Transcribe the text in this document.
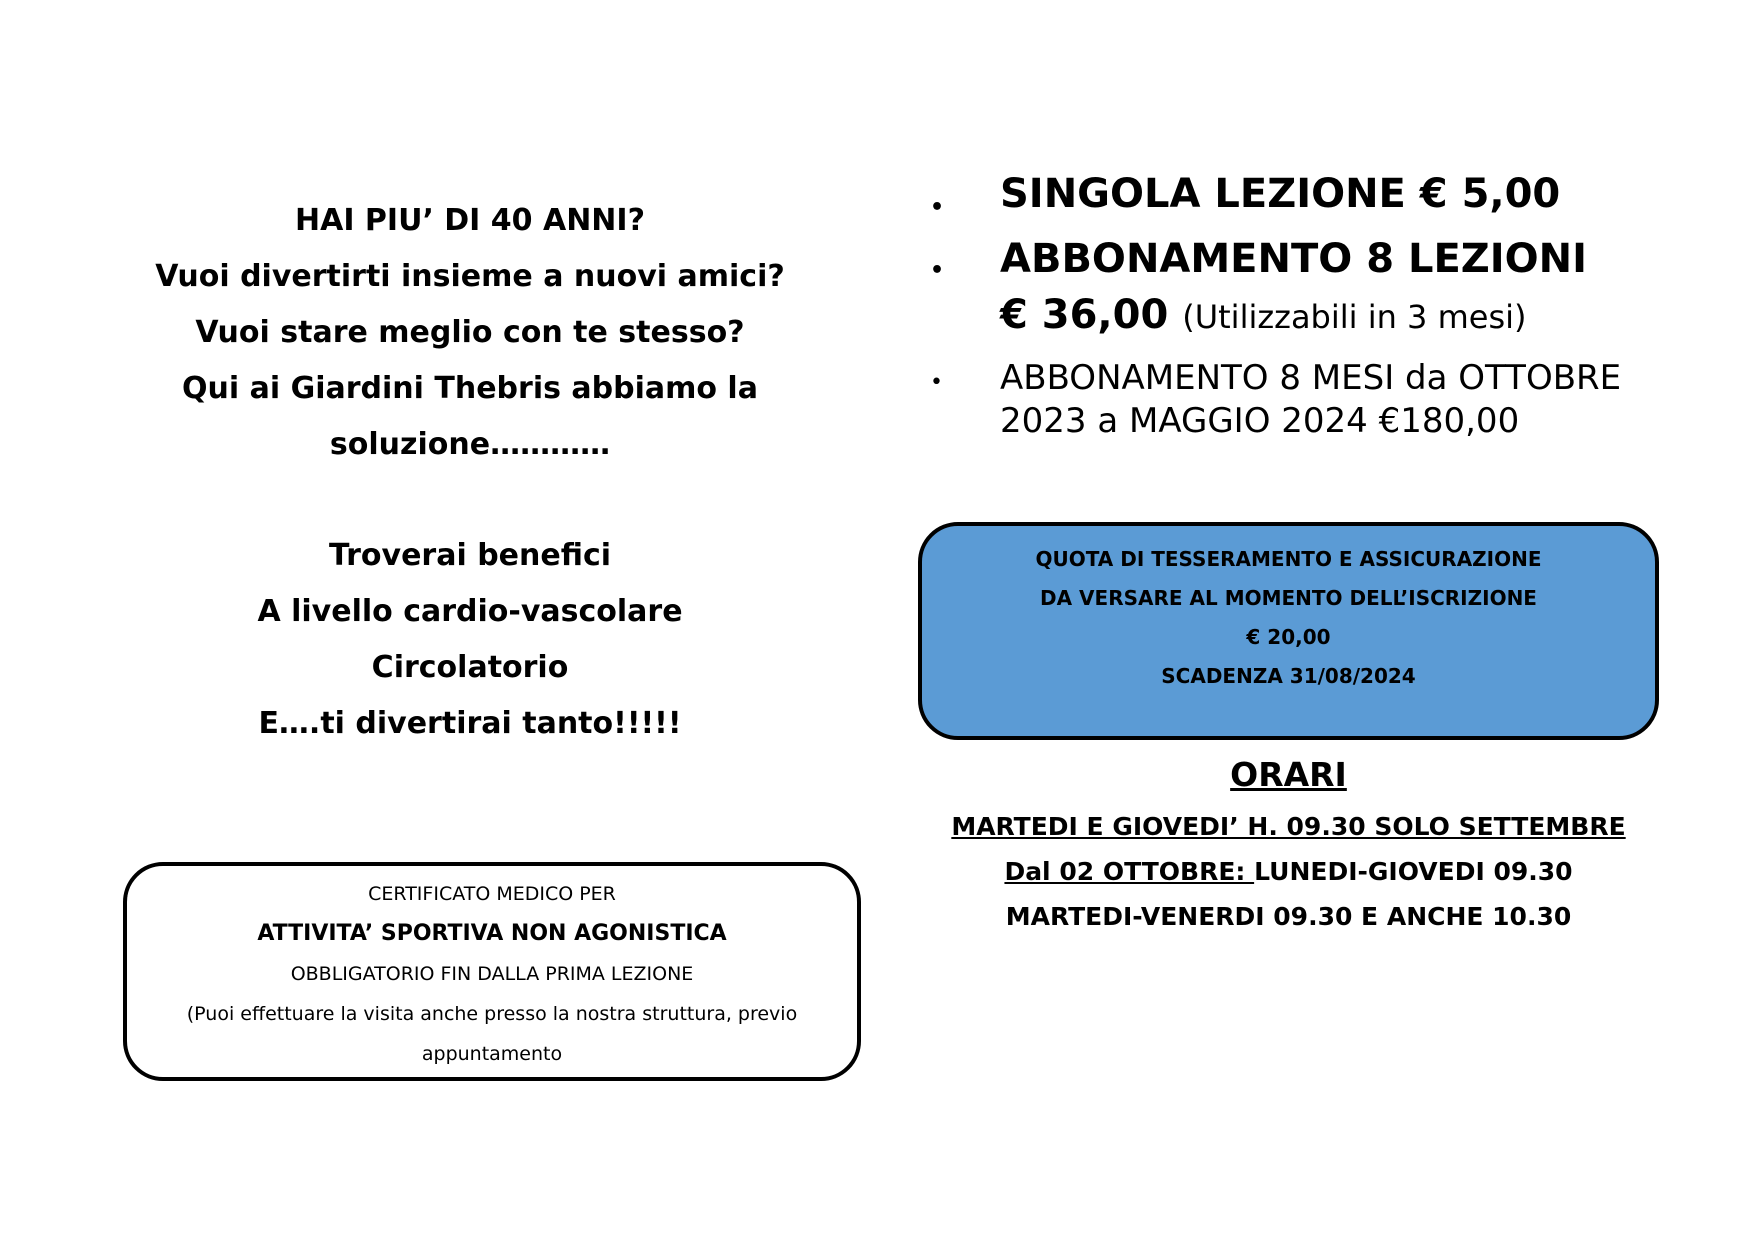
HAI PIU’ DI 40 ANNI?
Vuoi divertirti insieme a nuovi amici?
Vuoi stare meglio con te stesso?
Qui ai Giardini Thebris abbiamo la
soluzione…………
Troverai benefici
A livello cardio-vascolare
Circolatorio
E….ti divertirai tanto!!!!!
CERTIFICATO MEDICO PER
ATTIVITA’ SPORTIVA NON AGONISTICA
OBBLIGATORIO FIN DALLA PRIMA LEZIONE
(Puoi effettuare la visita anche presso la nostra struttura, previo
appuntamento
• SINGOLA LEZIONE € 5,00
• ABBONAMENTO 8 LEZIONI
€ 36,00 (Utilizzabili in 3 mesi)
• ABBONAMENTO 8 MESI da OTTOBRE
2023 a MAGGIO 2024 €180,00
QUOTA DI TESSERAMENTO E ASSICURAZIONE
DA VERSARE AL MOMENTO DELL’ISCRIZIONE
€ 20,00
SCADENZA 31/08/2024
ORARI
MARTEDI E GIOVEDI’ H. 09.30 SOLO SETTEMBRE
Dal 02 OTTOBRE: LUNEDI-GIOVEDI 09.30
MARTEDI-VENERDI 09.30 E ANCHE 10.30
